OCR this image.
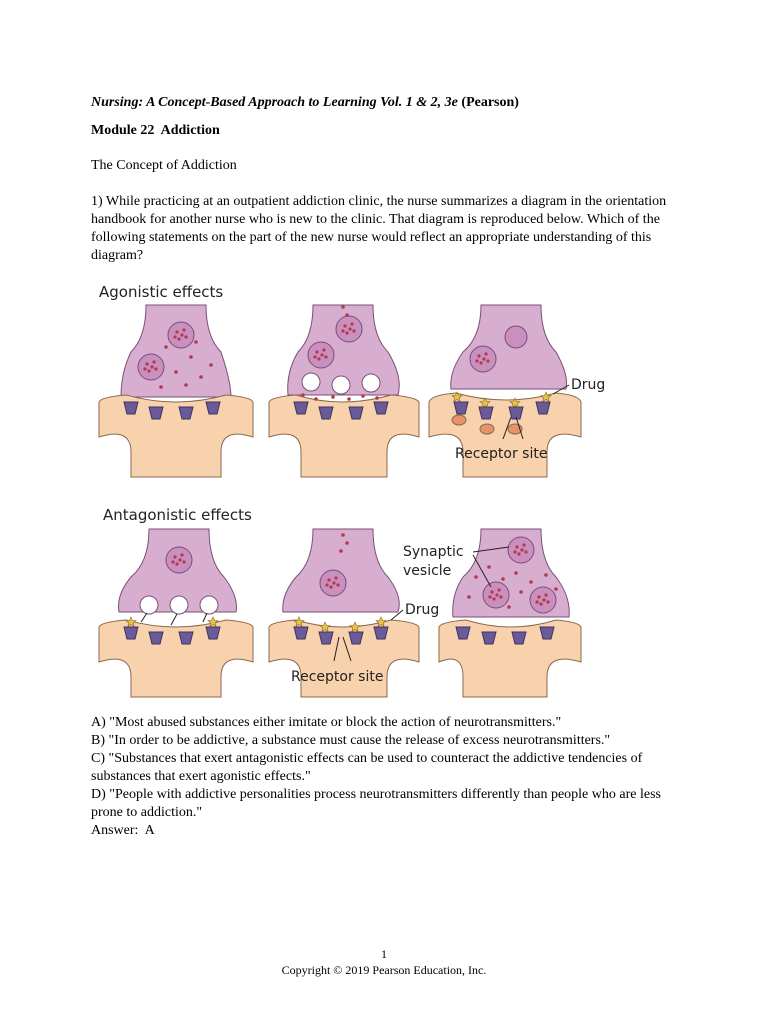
Nursing: A Concept-Based Approach to Learning Vol. 1 & 2, 3e (Pearson)

Module 22  Addiction

The Concept of Addiction

1) While practicing at an outpatient addiction clinic, the nurse summarizes a diagram in the orientation handbook for another nurse who is new to the clinic. That diagram is reproduced below. Which of the following statements on the part of the new nurse would reflect an appropriate understanding of this diagram?

Agonistic effects
Antagonistic effects
Drug
Receptor site
Drug
Receptor site
Synaptic
vesicle
A) "Most abused substances either imitate or block the action of neurotransmitters."
B) "In order to be addictive, a substance must cause the release of excess neurotransmitters."
C) "Substances that exert antagonistic effects can be used to counteract the addictive tendencies of substances that exert agonistic effects."
D) "People with addictive personalities process neurotransmitters differently than people who are less prone to addiction."
Answer:  A
1
Copyright © 2019 Pearson Education, Inc.
